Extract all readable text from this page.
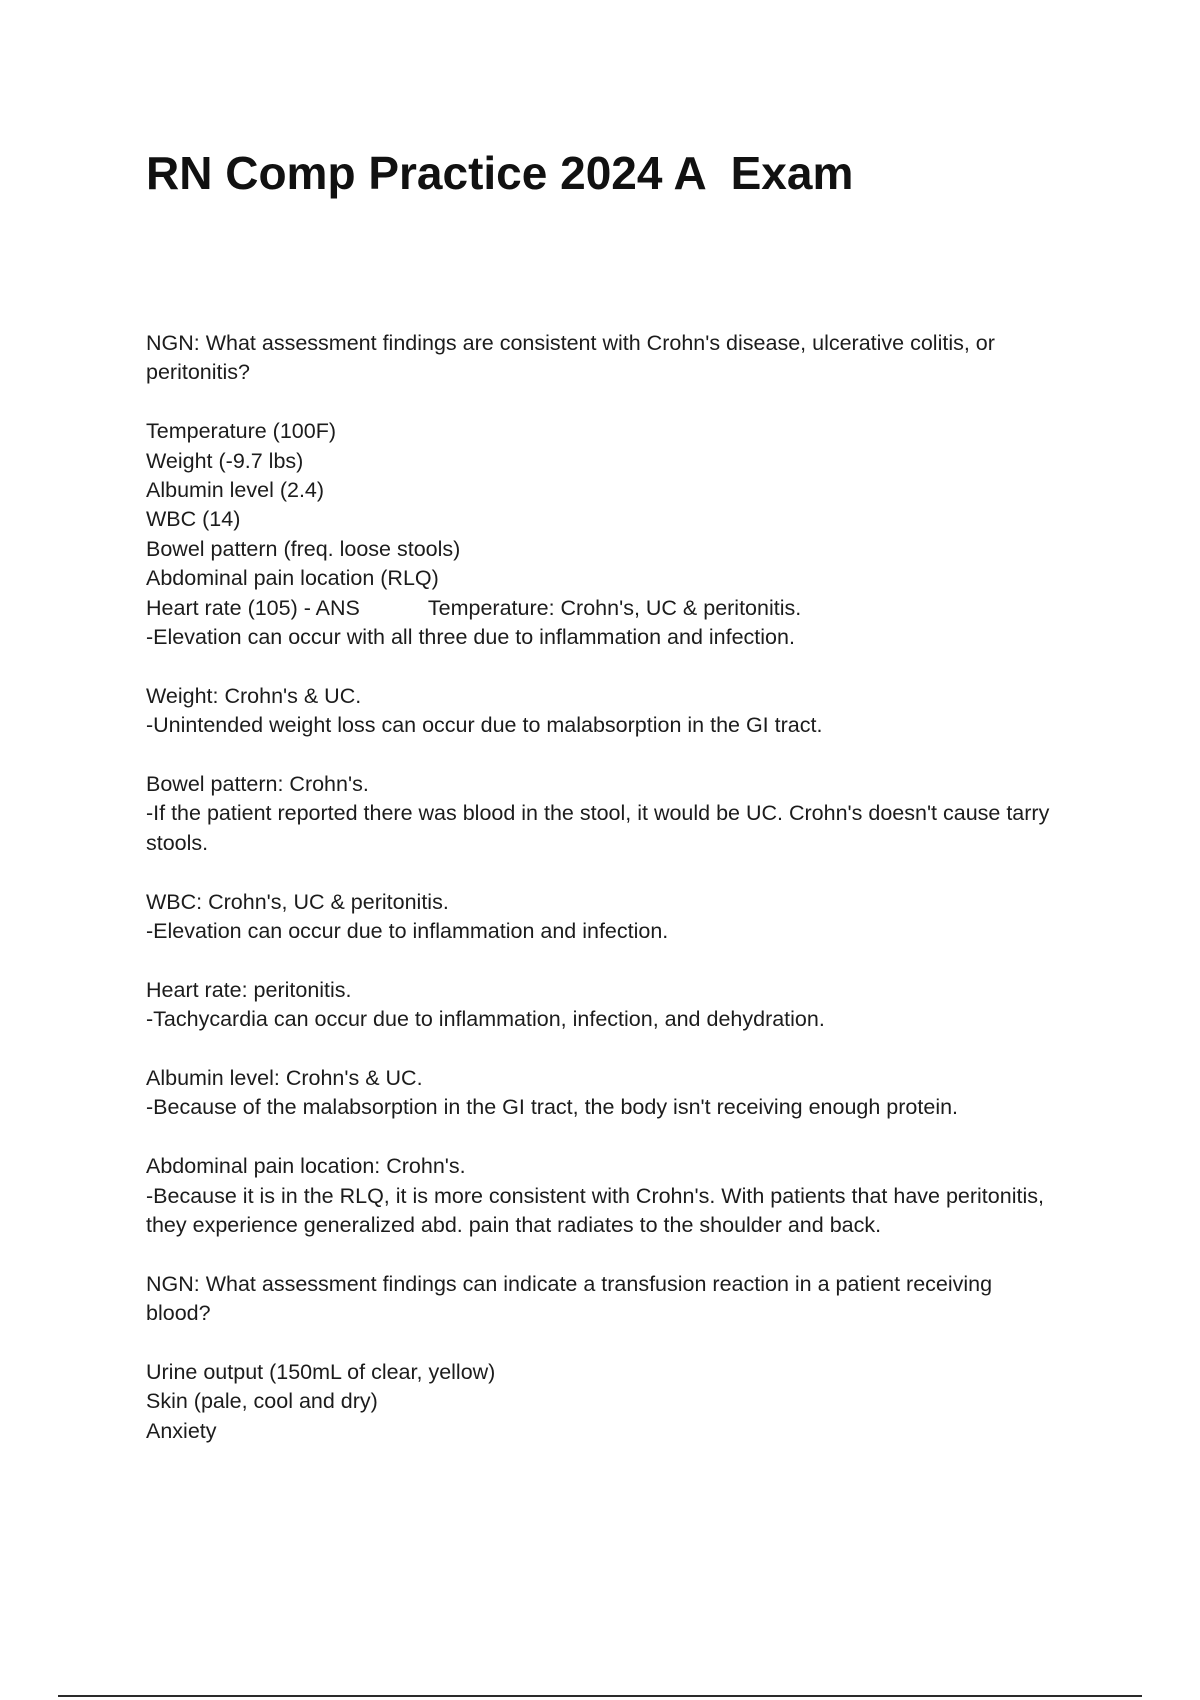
RN Comp Practice 2024 A  Exam
NGN: What assessment findings are consistent with Crohn's disease, ulcerative colitis, or
peritonitis?
Temperature (100F)
Weight (-9.7 lbs)
Albumin level (2.4)
WBC (14)
Bowel pattern (freq. loose stools)
Abdominal pain location (RLQ)
Heart rate (105) - ANS	Temperature: Crohn's, UC & peritonitis.
-Elevation can occur with all three due to inflammation and infection.
Weight: Crohn's & UC.
-Unintended weight loss can occur due to malabsorption in the GI tract.
Bowel pattern: Crohn's.
-If the patient reported there was blood in the stool, it would be UC. Crohn's doesn't cause tarry
stools.
WBC: Crohn's, UC & peritonitis.
-Elevation can occur due to inflammation and infection.
Heart rate: peritonitis.
-Tachycardia can occur due to inflammation, infection, and dehydration.
Albumin level: Crohn's & UC.
-Because of the malabsorption in the GI tract, the body isn't receiving enough protein.
Abdominal pain location: Crohn's.
-Because it is in the RLQ, it is more consistent with Crohn's. With patients that have peritonitis,
they experience generalized abd. pain that radiates to the shoulder and back.
NGN: What assessment findings can indicate a transfusion reaction in a patient receiving
blood?
Urine output (150mL of clear, yellow)
Skin (pale, cool and dry)
Anxiety
